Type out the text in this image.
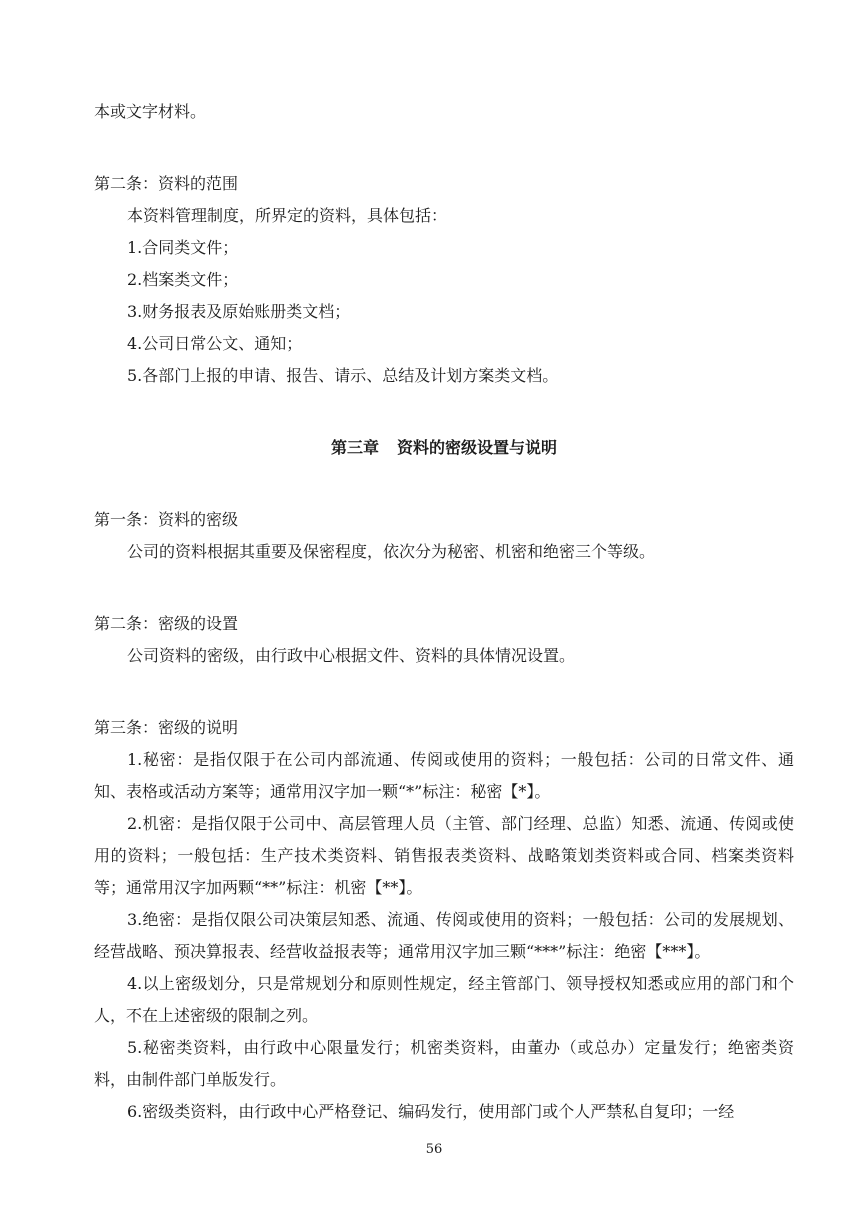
本或文字材料。

第二条：资料的范围

本资料管理制度，所界定的资料，具体包括：

1.合同类文件；

2.档案类文件；

3.财务报表及原始账册类文档；

4.公司日常公文、通知；

5.各部门上报的申请、报告、请示、总结及计划方案类文档。

第三章 资料的密级设置与说明

第一条：资料的密级

公司的资料根据其重要及保密程度，依次分为秘密、机密和绝密三个等级。

第二条：密级的设置

公司资料的密级，由行政中心根据文件、资料的具体情况设置。

第三条：密级的说明

1.秘密：是指仅限于在公司内部流通、传阅或使用的资料；一般包括：公司的日常文件、通知、表格或活动方案等；通常用汉字加一颗“*”标注：秘密【*】。

2.机密：是指仅限于公司中、高层管理人员（主管、部门经理、总监）知悉、流通、传阅或使用的资料；一般包括：生产技术类资料、销售报表类资料、战略策划类资料或合同、档案类资料等；通常用汉字加两颗“**”标注：机密【**】。

3.绝密：是指仅限公司决策层知悉、流通、传阅或使用的资料；一般包括：公司的发展规划、经营战略、预决算报表、经营收益报表等；通常用汉字加三颗“***”标注：绝密【***】。

4.以上密级划分，只是常规划分和原则性规定，经主管部门、领导授权知悉或应用的部门和个人，不在上述密级的限制之列。

5.秘密类资料，由行政中心限量发行；机密类资料，由董办（或总办）定量发行；绝密类资料，由制件部门单版发行。

6.密级类资料，由行政中心严格登记、编码发行，使用部门或个人严禁私自复印；一经

56
